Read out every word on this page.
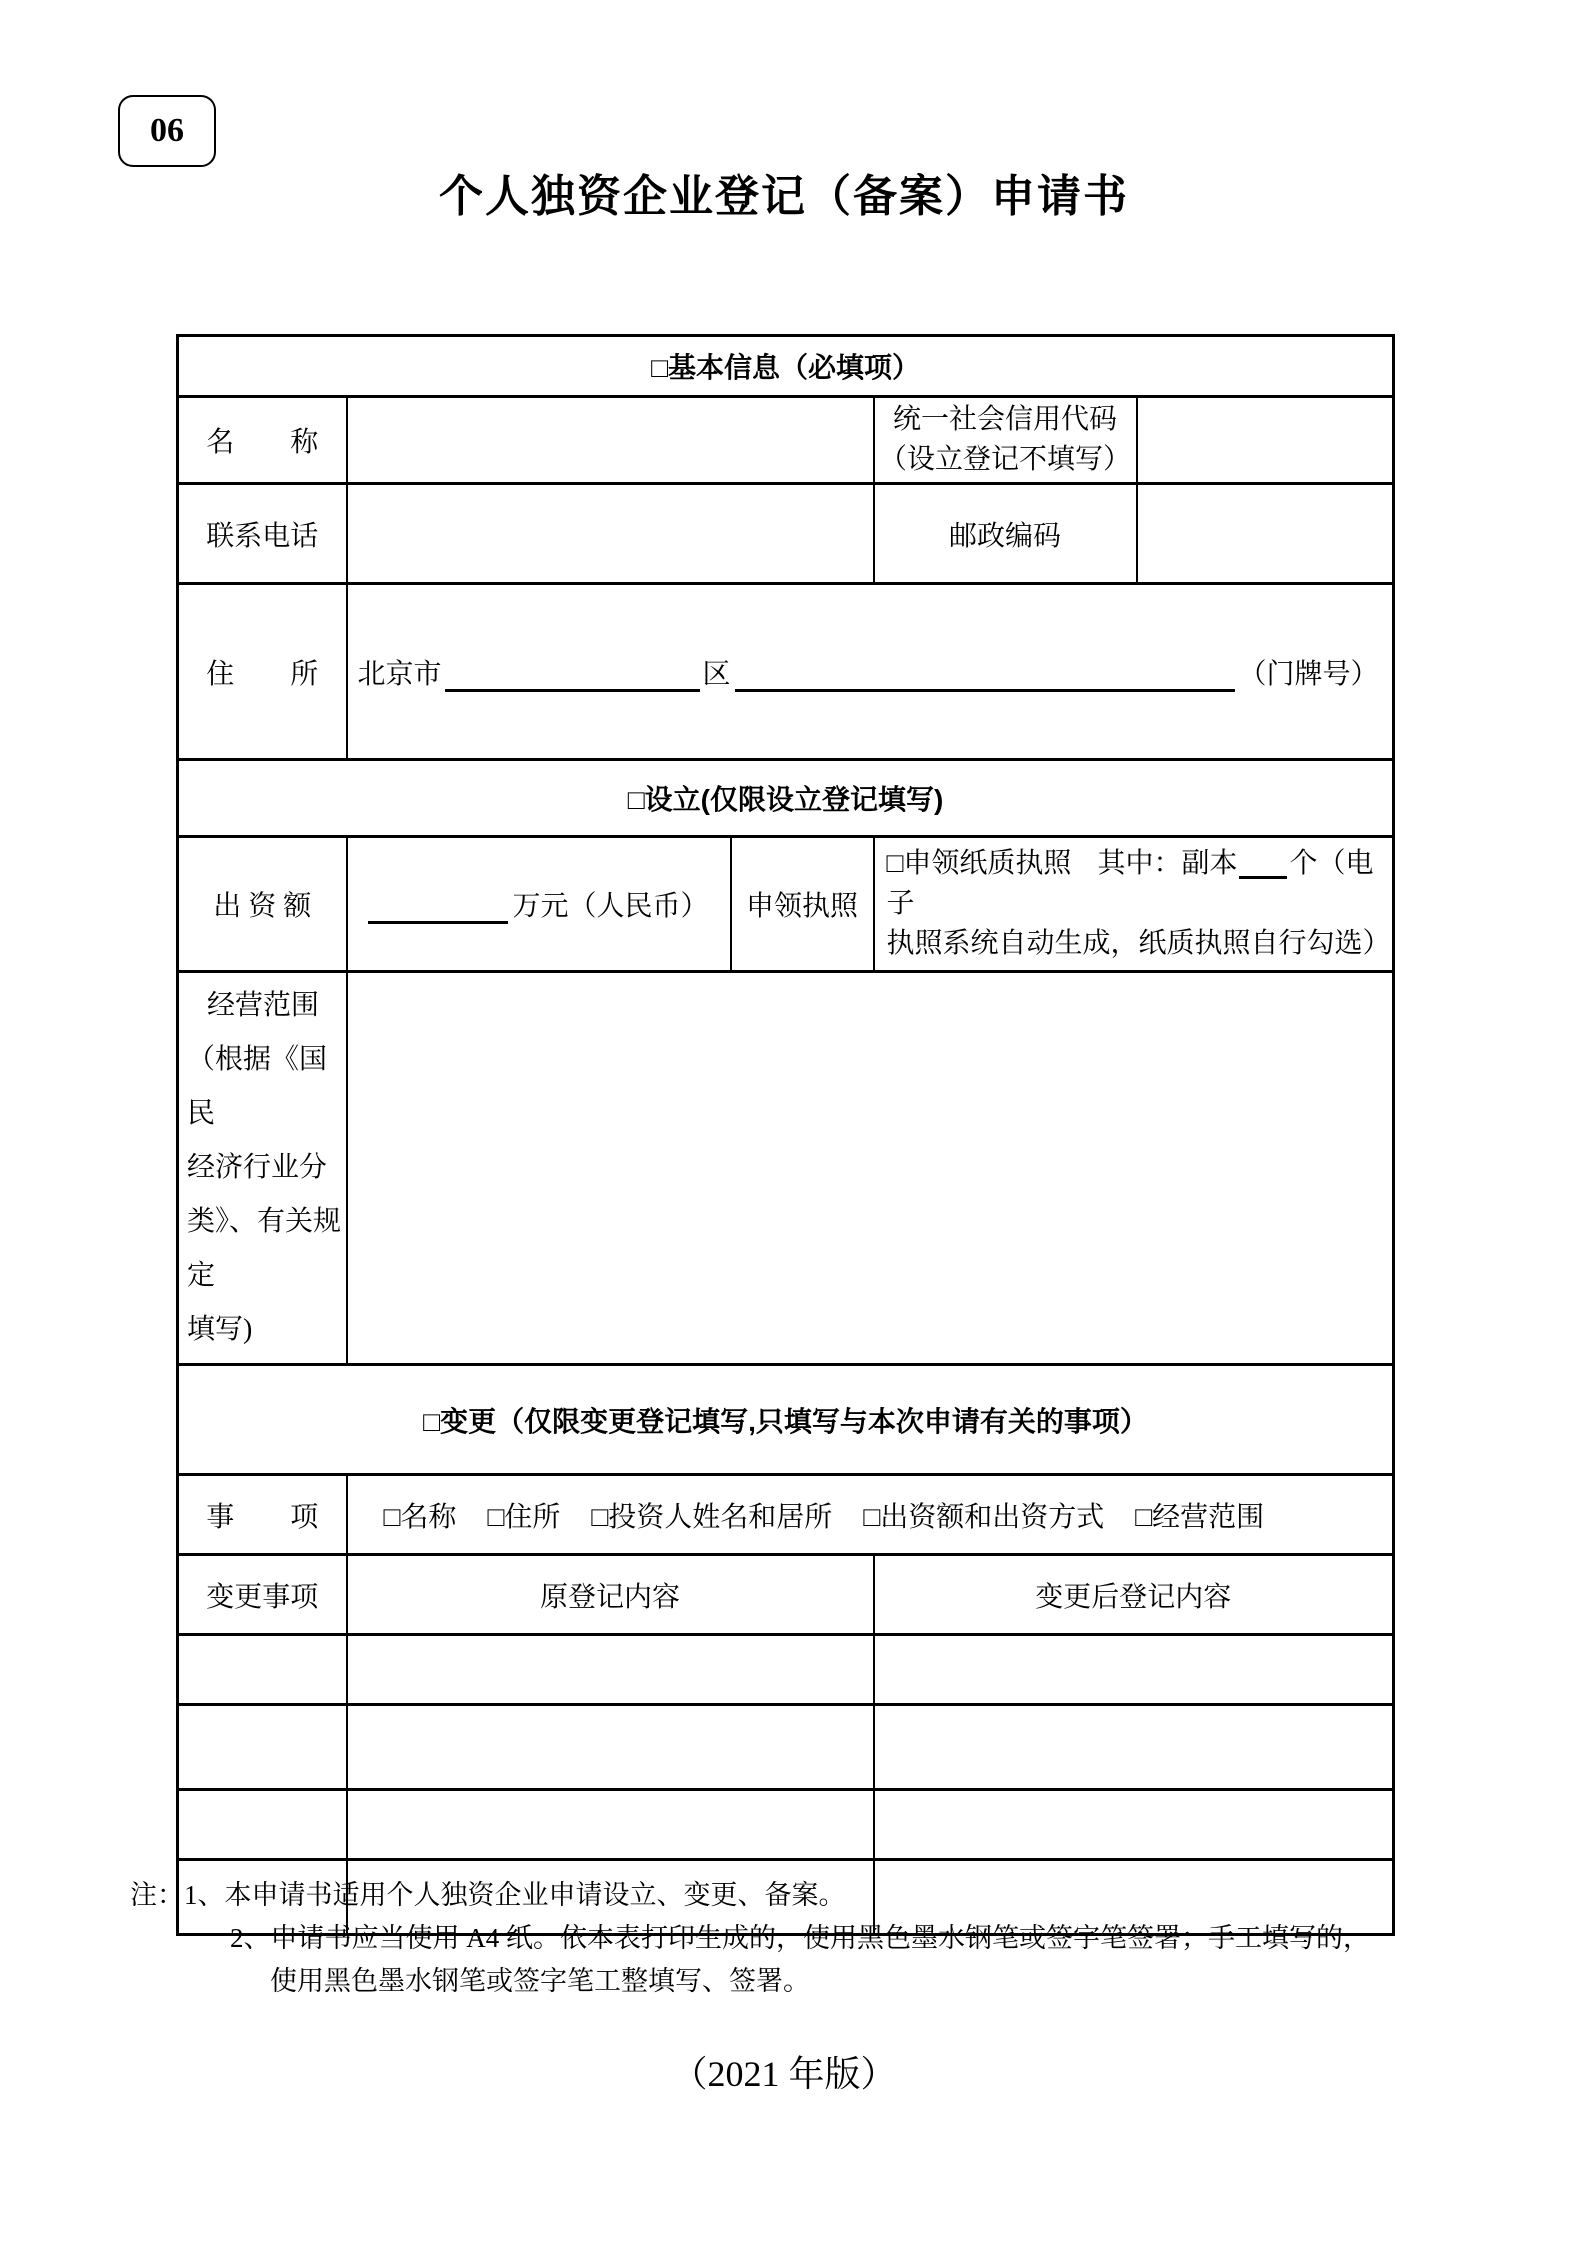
06
个人独资企业登记（备案）申请书
□基本信息（必填项）				
名　　称			统一社会信用代码
（设立登记不填写）	

联系电话			邮政编码	
住　　所	北京市 区 （门牌号）			
□设立(仅限设立登记填写)				
出 资 额	万元（人民币）	申领执照	□申领纸质执照 其中：副本 个（电子
执照系统自动生成，纸质执照自行勾选）	

经营范围
（根据《国民
经济行业分
类》、有关规定
填写)				

□变更（仅限变更登记填写,只填写与本次申请有关的事项）				
事　　项	□名称 □住所 □投资人姓名和居所 □出资额和出资方式 □经营范围			
变更事项	原登记内容		变更后登记内容	

注：1、本申请书适用个人独资企业申请设立、变更、备案。
2、申请书应当使用 A4 纸。依本表打印生成的，使用黑色墨水钢笔或签字笔签署；手工填写的，
使用黑色墨水钢笔或签字笔工整填写、签署。
（2021 年版）
